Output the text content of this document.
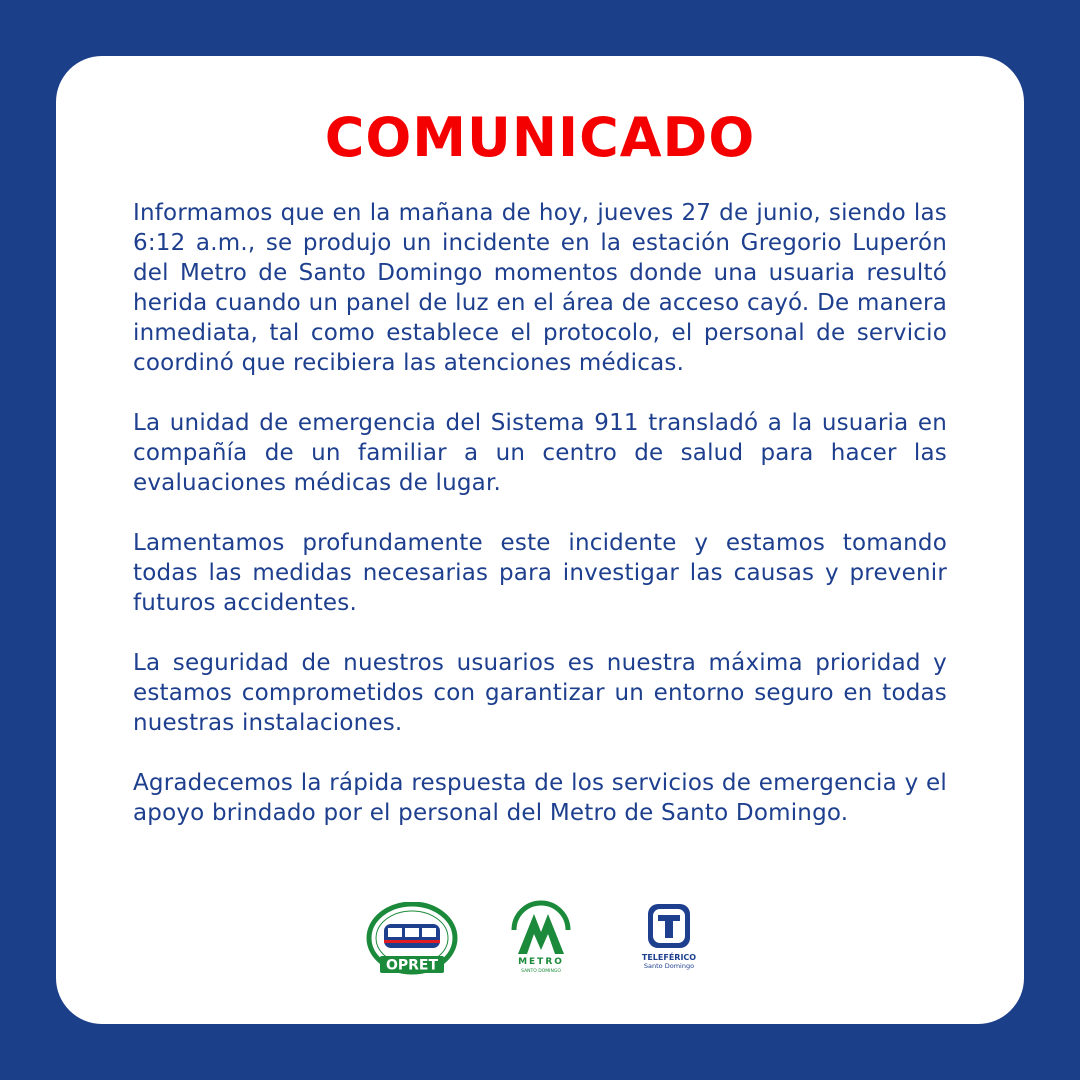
COMUNICADO

Informamos que en la mañana de hoy, jueves 27 de junio, siendo las 6:12 a.m., se produjo un incidente en la estación Gregorio Luperón del Metro de Santo Domingo momentos donde una usuaria resultó herida cuando un panel de luz en el área de acceso cayó. De manera inmediata, tal como establece el protocolo, el personal de servicio coordinó que recibiera las atenciones médicas.

La unidad de emergencia del Sistema 911 transladó a la usuaria en compañía de un familiar a un centro de salud para hacer las evaluaciones médicas de lugar.

Lamentamos profundamente este incidente y estamos tomando todas las medidas necesarias para investigar las causas y prevenir futuros accidentes.

La seguridad de nuestros usuarios es nuestra máxima prioridad y estamos comprometidos con garantizar un entorno seguro en todas nuestras instalaciones.

Agradecemos la rápida respuesta de los servicios de emergencia y el apoyo brindado por el personal del Metro de Santo Domingo.

OPRET	METRO
SANTO DOMINGO
TELEFÉRICO
Santo Domingo
